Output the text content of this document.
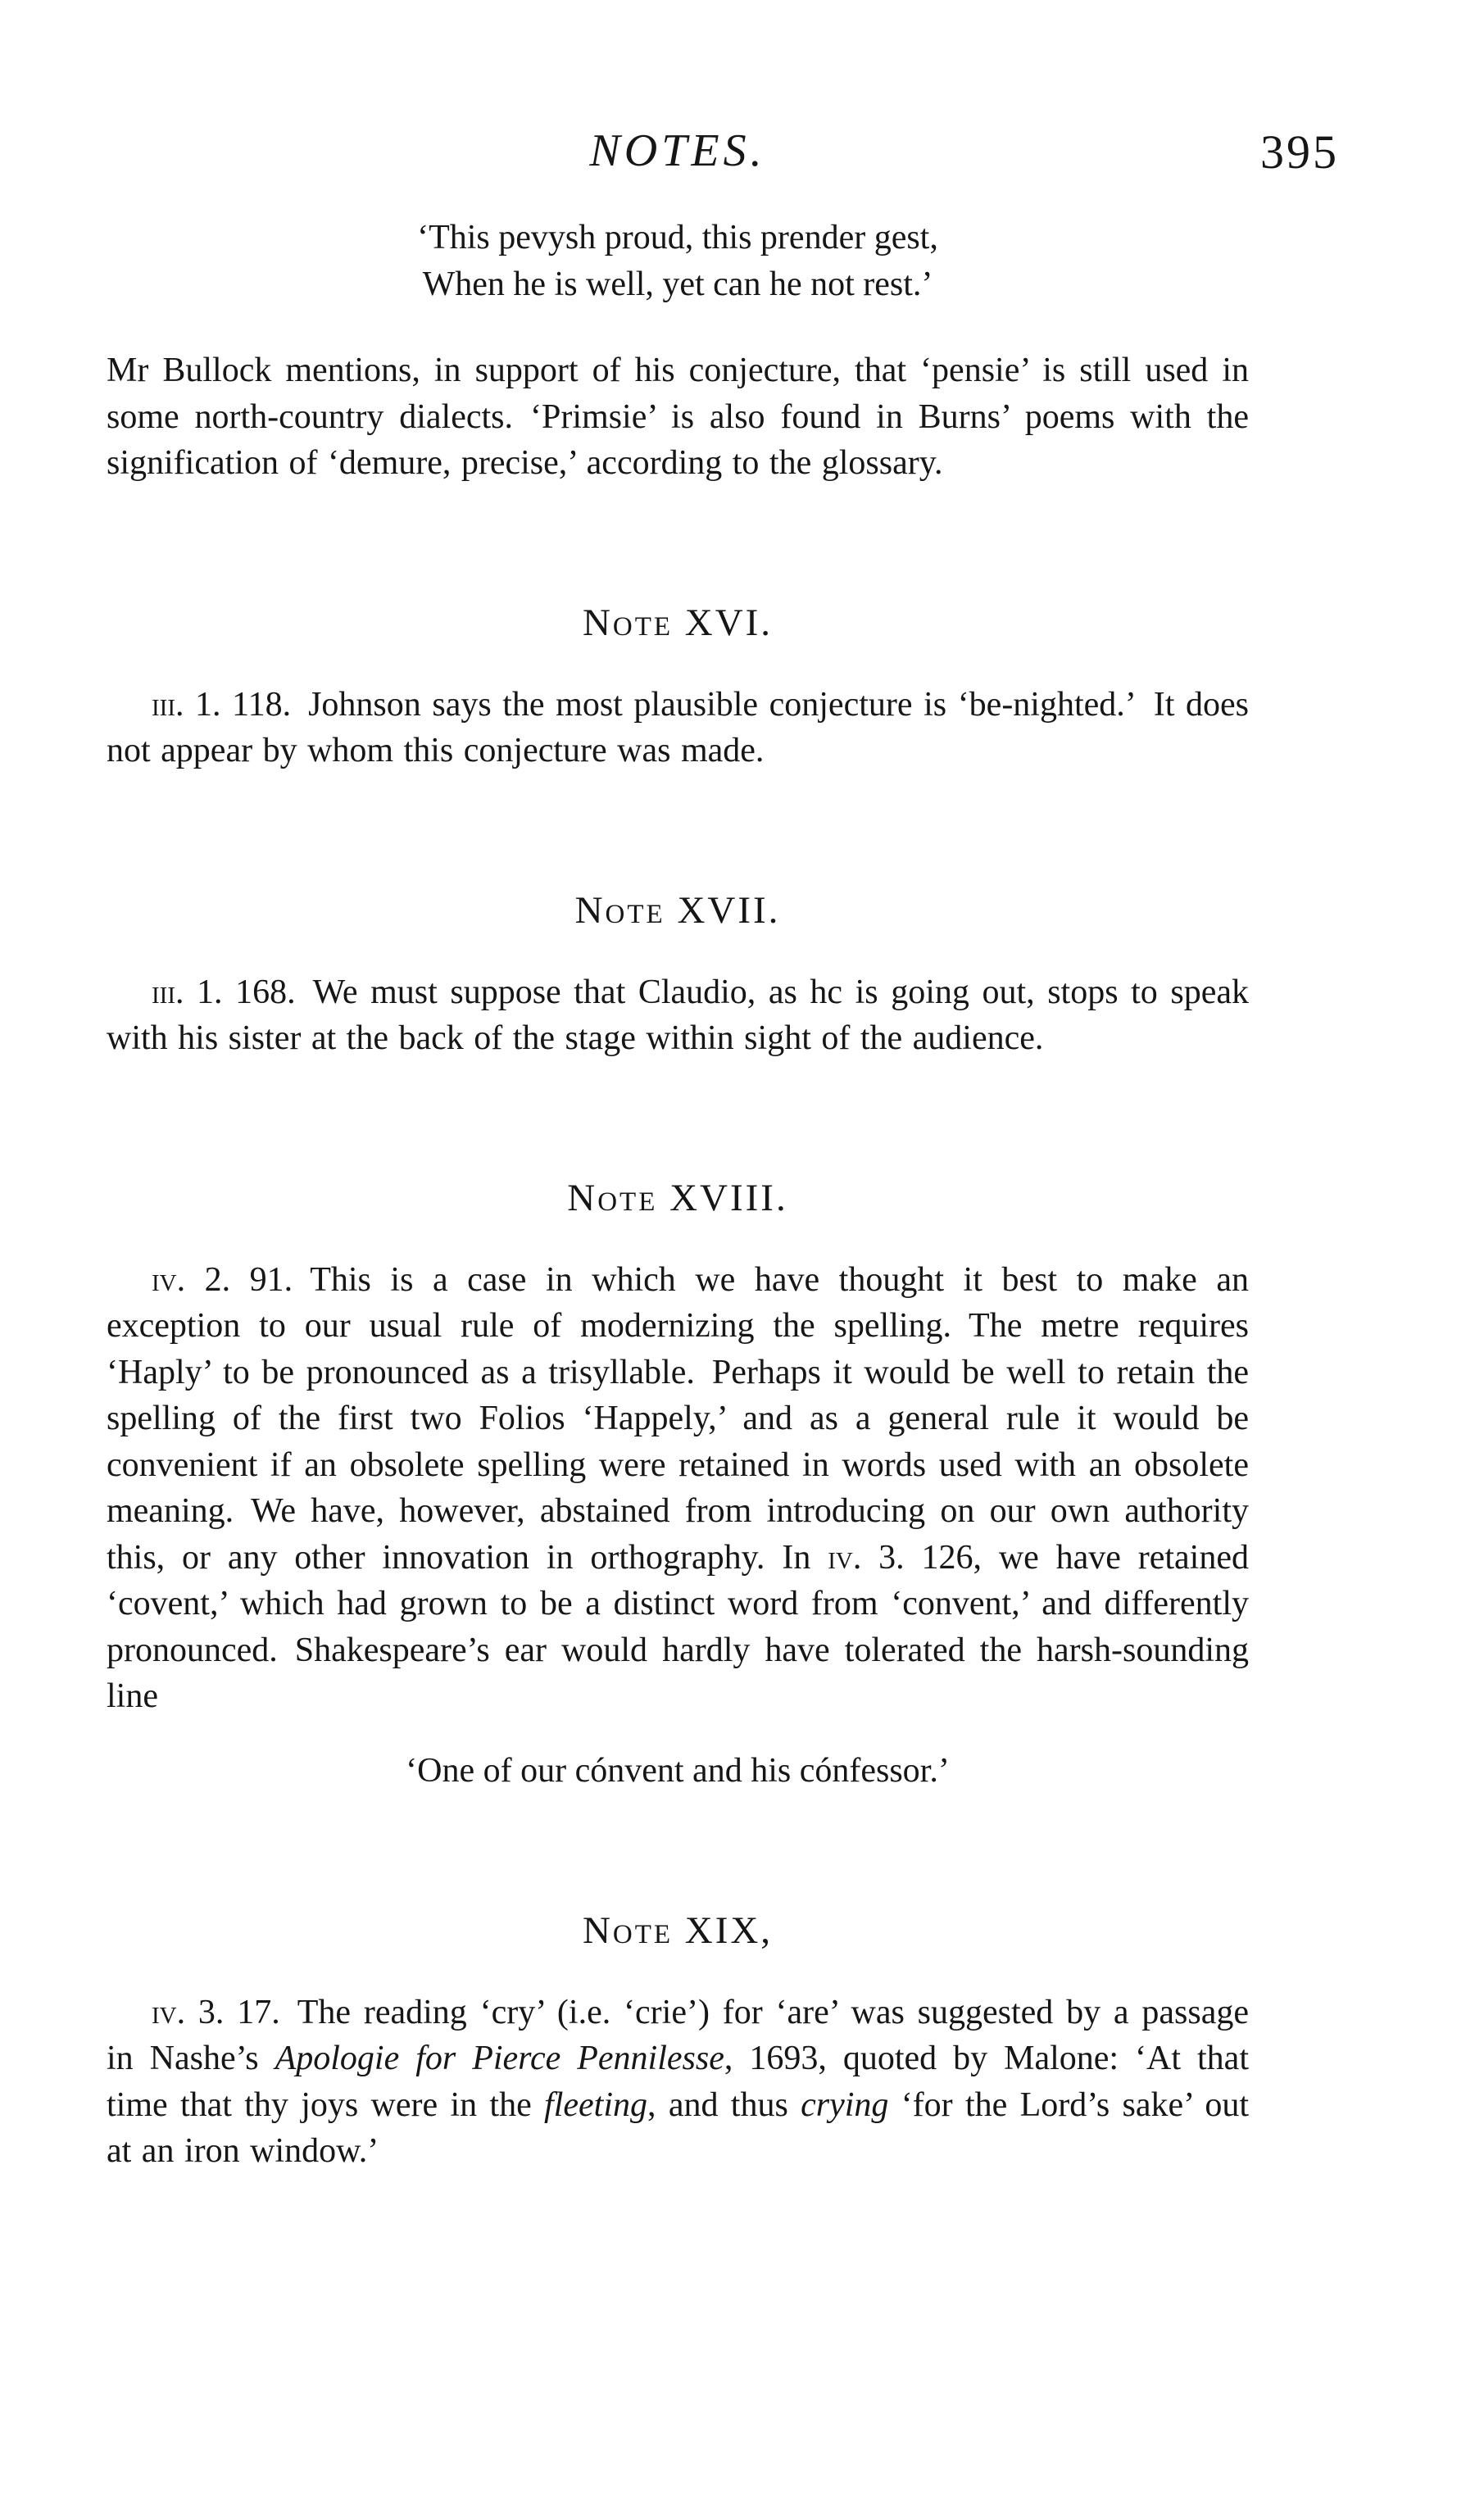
NOTES.	395
‘This pevysh proud, this prender gest,
When he is well, yet can he not rest.’

Mr Bullock mentions, in support of his conjecture, that ‘pensie’ is still used in some north-country dialects. ‘Primsie’ is also found in Burns’ poems with the signification of ‘demure, precise,’ according to the glossary.

Note XVI.

iii. 1. 118. Johnson says the most plausible conjecture is ‘be-nighted.’ It does not appear by whom this conjecture was made.

Note XVII.

iii. 1. 168. We must suppose that Claudio, as hc is going out, stops to speak with his sister at the back of the stage within sight of the audience.

Note XVIII.

iv. 2. 91. This is a case in which we have thought it best to make an exception to our usual rule of modernizing the spelling. The metre requires ‘Haply’ to be pronounced as a trisyllable. Perhaps it would be well to retain the spelling of the first two Folios ‘Happely,’ and as a general rule it would be convenient if an obsolete spelling were retained in words used with an obsolete meaning. We have, however, abstained from introducing on our own authority this, or any other innovation in orthography. In iv. 3. 126, we have retained ‘covent,’ which had grown to be a distinct word from ‘convent,’ and differently pronounced. Shakespeare’s ear would hardly have tolerated the harsh-sounding line

‘One of our cónvent and his cónfessor.’
Note XIX,

iv. 3. 17. The reading ‘cry’ (i.e. ‘crie’) for ‘are’ was suggested by a passage in Nashe’s Apologie for Pierce Pennilesse, 1693, quoted by Malone: ‘At that time that thy joys were in the fleeting, and thus crying ‘for the Lord’s sake’ out at an iron window.’
